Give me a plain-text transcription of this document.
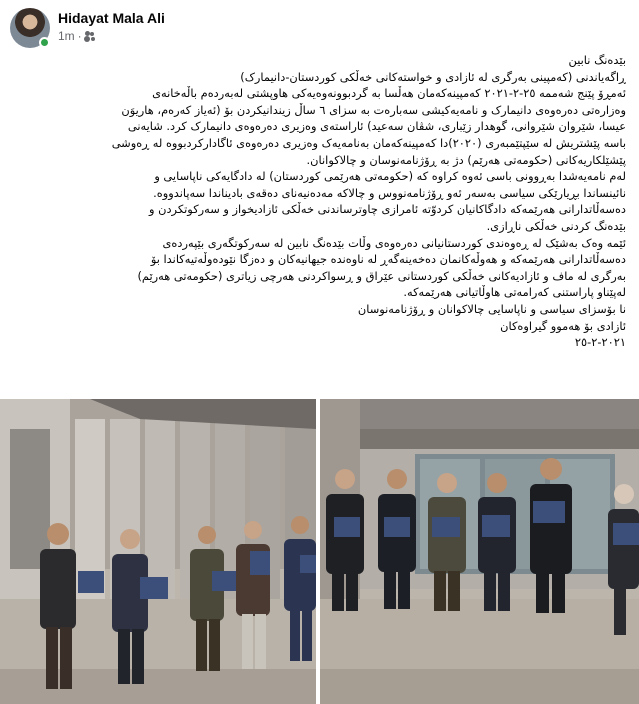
Hidayat Mala Ali
1m ·

بێدەنگ نابین

ڕاگەیاندنی (کەمپینی بەرگری لە ئازادی و خواستەکانی خەڵکی کوردستان-دانیمارک)

ئەمڕۆ پێنج شەممە ٢٥-٢-٢٠٢١ کەمپینەکەمان هەڵسا بە گردبوونەوەیەکی هاوپشتی لەبەردەم باڵەخانەی

وەزارەتی دەرەوەی دانیمارک و نامەیەکیشی سەبارەت بە سزای ٦ ساڵ زیندانیکردن بۆ (ئەیاز کەرەم، هاریوَن

عیسا، شێروان شێروانی، گوهدار زێباری، شڤان سەعید) ئاراستەی وەزیری دەرەوەی دانیمارک کرد. شایەنی

باسە پێشتریش لە سێپتێمبەری (٢٠٢٠)دا کەمپینەکەمان بەنامەیەک وەزیری دەرەوەی ئاگادارکردبووە لە ڕەوشی

پێشێلکاریەکانی (حکومەتی هەرێم) دژ بە ڕۆژنامەنوسان و چالاکوانان.

لەم نامەیەشدا بەڕوونی باسی ئەوە کراوە کە (حکومەتی هەرێمی کوردستان) لە دادگایەکی ناپاسایی و

نائینساندا بڕیارێکی سیاسی بەسەر ئەو ڕۆژنامەنووس و چالاکە مەدەنیەنای دەقەی بادیناندا سەپاندووە.

دەسەڵاتدارانی هەرێمەکە دادگاکانیان کردوّتە ئامرازی چاوترساندنی خەڵکی ئازادیخواز و سەرکوتکردن و

بێدەنگ کردنی خەڵکی ناڕازی.

ئێمە وەک بەشێک لە ڕەوەندی کوردستانیانی دەرەوەی وڵات بێدەنگ نابین لە سەرکوتگەری بێپەردەی

دەسەڵاتدارانی هەرێمەکە و هەوڵەکانمان دەخەینەگەڕ لە ناوەندە جیهانیەکان و دەزگا نێودەوڵەتیەکاندا بۆ

بەرگری لە ماف و ئازادیەکانی خەڵکی کوردستانی عێراق و ڕسواکردنی هەرچی زیاتری (حکومەتی هەرێم)

لەپێناو پاراستنی کەرامەتی هاوڵاتیانی هەرێمەکە.

نا بۆسزای سیاسی و ناپاسایی چالاکوانان و ڕۆژنامەنوسان

ئازادی بۆ هەموو گیراوەکان

٢٠٢١-٢-٢٥
